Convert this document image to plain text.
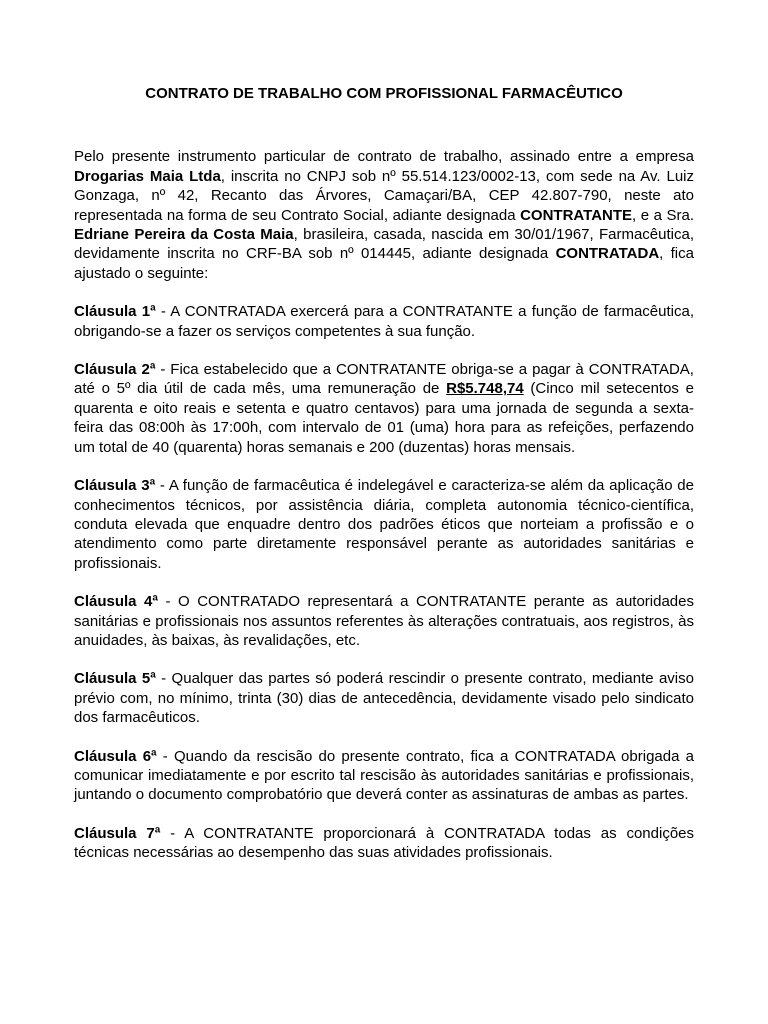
CONTRATO DE TRABALHO COM PROFISSIONAL FARMACÊUTICO

Pelo presente instrumento particular de contrato de trabalho, assinado entre a empresa Drogarias Maia Ltda, inscrita no CNPJ sob nº 55.514.123/0002-13, com sede na Av. Luiz Gonzaga, nº 42, Recanto das Árvores, Camaçari/BA, CEP 42.807-790, neste ato representada na forma de seu Contrato Social, adiante designada CONTRATANTE, e a Sra. Edriane Pereira da Costa Maia, brasileira, casada, nascida em 30/01/1967, Farmacêutica, devidamente inscrita no CRF-BA sob nº 014445, adiante designada CONTRATADA, fica ajustado o seguinte:

Cláusula 1ª - A CONTRATADA exercerá para a CONTRATANTE a função de farmacêutica, obrigando-se a fazer os serviços competentes à sua função.

Cláusula 2ª - Fica estabelecido que a CONTRATANTE obriga-se a pagar à CONTRATADA, até o 5º dia útil de cada mês, uma remuneração de R$5.748,74 (Cinco mil setecentos e quarenta e oito reais e setenta e quatro centavos) para uma jornada de segunda a sexta-feira das 08:00h às 17:00h, com intervalo de 01 (uma) hora para as refeições, perfazendo um total de 40 (quarenta) horas semanais e 200 (duzentas) horas mensais.

Cláusula 3ª - A função de farmacêutica é indelegável e caracteriza-se além da aplicação de conhecimentos técnicos, por assistência diária, completa autonomia técnico-científica, conduta elevada que enquadre dentro dos padrões éticos que norteiam a profissão e o atendimento como parte diretamente responsável perante as autoridades sanitárias e profissionais.

Cláusula 4ª - O CONTRATADO representará a CONTRATANTE perante as autoridades sanitárias e profissionais nos assuntos referentes às alterações contratuais, aos registros, às anuidades, às baixas, às revalidações, etc.

Cláusula 5ª - Qualquer das partes só poderá rescindir o presente contrato, mediante aviso prévio com, no mínimo, trinta (30) dias de antecedência, devidamente visado pelo sindicato dos farmacêuticos.

Cláusula 6ª - Quando da rescisão do presente contrato, fica a CONTRATADA obrigada a comunicar imediatamente e por escrito tal rescisão às autoridades sanitárias e profissionais, juntando o documento comprobatório que deverá conter as assinaturas de ambas as partes.

Cláusula 7ª - A CONTRATANTE proporcionará à CONTRATADA todas as condições técnicas necessárias ao desempenho das suas atividades profissionais.
